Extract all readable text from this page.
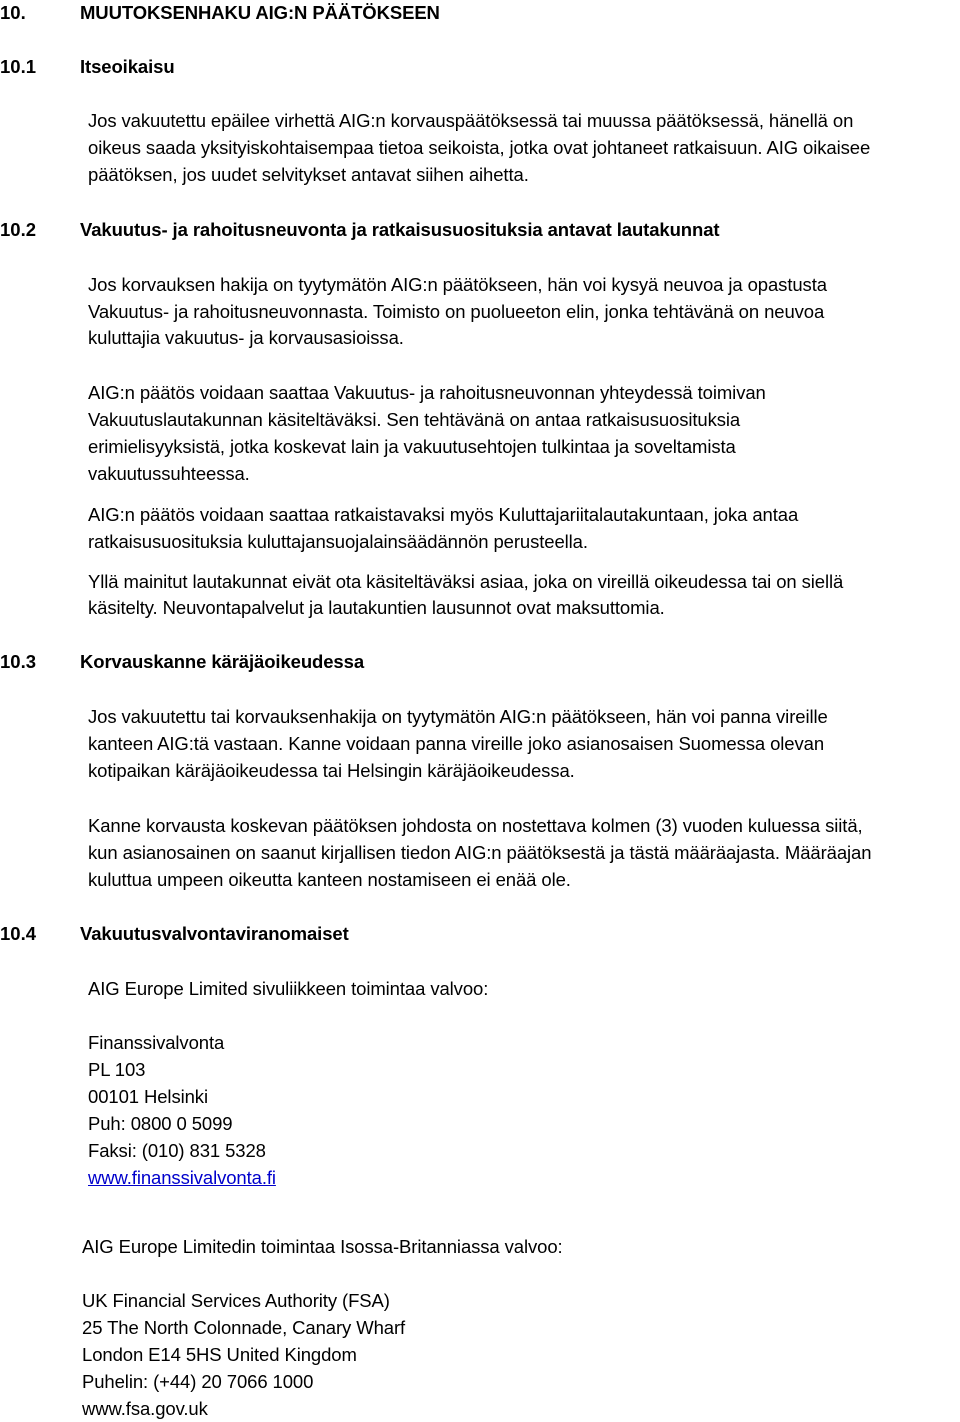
10.	MUUTOKSENHAKU AIG:N PÄÄTÖKSEEN
10.1 Itseoikaisu
Jos vakuutettu epäilee virhettä AIG:n korvauspäätöksessä tai muussa päätöksessä, hänellä on
oikeus saada yksityiskohtaisempaa tietoa seikoista, jotka ovat johtaneet ratkaisuun. AIG oikaisee
päätöksen, jos uudet selvitykset antavat siihen aihetta.
10.2 Vakuutus- ja rahoitusneuvonta ja ratkaisusuosituksia antavat lautakunnat
Jos korvauksen hakija on tyytymätön AIG:n päätökseen, hän voi kysyä neuvoa ja opastusta
Vakuutus- ja rahoitusneuvonnasta. Toimisto on puolueeton elin, jonka tehtävänä on neuvoa
kuluttajia vakuutus- ja korvausasioissa.
AIG:n päätös voidaan saattaa Vakuutus- ja rahoitusneuvonnan yhteydessä toimivan
Vakuutuslautakunnan käsiteltäväksi. Sen tehtävänä on antaa ratkaisusuosituksia
erimielisyyksistä, jotka koskevat lain ja vakuutusehtojen tulkintaa ja soveltamista
vakuutussuhteessa.
AIG:n päätös voidaan saattaa ratkaistavaksi myös Kuluttajariitalautakuntaan, joka antaa
ratkaisusuosituksia kuluttajansuojalainsäädännön perusteella.
Yllä mainitut lautakunnat eivät ota käsiteltäväksi asiaa, joka on vireillä oikeudessa tai on siellä
käsitelty. Neuvontapalvelut ja lautakuntien lausunnot ovat maksuttomia.
10.3 Korvauskanne käräjäoikeudessa
Jos vakuutettu tai korvauksenhakija on tyytymätön AIG:n päätökseen, hän voi panna vireille
kanteen AIG:tä vastaan. Kanne voidaan panna vireille joko asianosaisen Suomessa olevan
kotipaikan käräjäoikeudessa tai Helsingin käräjäoikeudessa.
Kanne korvausta koskevan päätöksen johdosta on nostettava kolmen (3) vuoden kuluessa siitä,
kun asianosainen on saanut kirjallisen tiedon AIG:n päätöksestä ja tästä määräajasta. Määräajan
kuluttua umpeen oikeutta kanteen nostamiseen ei enää ole.
10.4 Vakuutusvalvontaviranomaiset
AIG Europe Limited sivuliikkeen toimintaa valvoo:
Finanssivalvonta
PL 103
00101 Helsinki
Puh: 0800 0 5099
Faksi: (010) 831 5328
www.finanssivalvonta.fi
AIG Europe Limitedin toimintaa Isossa-Britanniassa valvoo:
UK Financial Services Authority (FSA)
25 The North Colonnade, Canary Wharf
London E14 5HS United Kingdom
Puhelin: (+44) 20 7066 1000
www.fsa.gov.uk
